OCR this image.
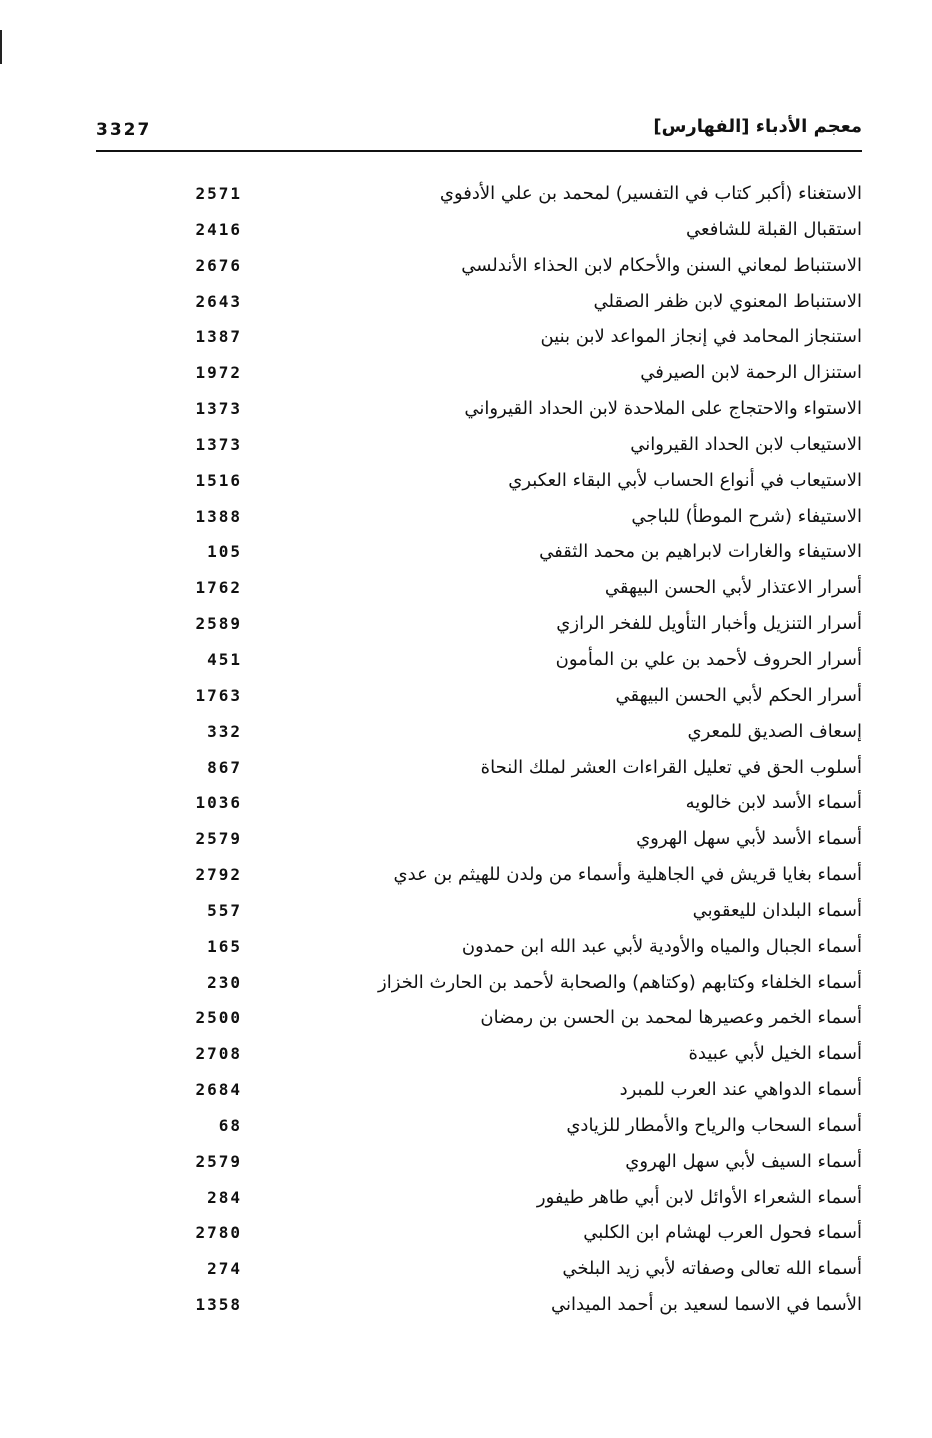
3327	معجم الأدباء [الفهارس]
الاستغناء (أكبر كتاب في التفسير) لمحمد بن علي الأدفوي
2571
استقبال القبلة للشافعي
2416
الاستنباط لمعاني السنن والأحكام لابن الحذاء الأندلسي
2676
الاستنباط المعنوي لابن ظفر الصقلي
2643
استنجاز المحامد في إنجاز المواعد لابن بنين
1387
استنزال الرحمة لابن الصيرفي
1972
الاستواء والاحتجاج على الملاحدة لابن الحداد القيرواني
1373
الاستيعاب لابن الحداد القيرواني
1373
الاستيعاب في أنواع الحساب لأبي البقاء العكبري
1516
الاستيفاء (شرح الموطأ) للباجي
1388
الاستيفاء والغارات لابراهيم بن محمد الثقفي
105
أسرار الاعتذار لأبي الحسن البيهقي
1762
أسرار التنزيل وأخبار التأويل للفخر الرازي
2589
أسرار الحروف لأحمد بن علي بن المأمون
451
أسرار الحكم لأبي الحسن البيهقي
1763
إسعاف الصديق للمعري
332
أسلوب الحق في تعليل القراءات العشر لملك النحاة
867
أسماء الأسد لابن خالويه
1036
أسماء الأسد لأبي سهل الهروي
2579
أسماء بغايا قريش في الجاهلية وأسماء من ولدن للهيثم بن عدي
2792
أسماء البلدان لليعقوبي
557
أسماء الجبال والمياه والأودية لأبي عبد الله ابن حمدون
165
أسماء الخلفاء وكتابهم (وكتاهم) والصحابة لأحمد بن الحارث الخزاز
230
أسماء الخمر وعصيرها لمحمد بن الحسن بن رمضان
2500
أسماء الخيل لأبي عبيدة
2708
أسماء الدواهي عند العرب للمبرد
2684
أسماء السحاب والرياح والأمطار للزيادي
68
أسماء السيف لأبي سهل الهروي
2579
أسماء الشعراء الأوائل لابن أبي طاهر طيفور
284
أسماء فحول العرب لهشام ابن الكلبي
2780
أسماء الله تعالى وصفاته لأبي زيد البلخي
274
الأسما في الاسما لسعيد بن أحمد الميداني
1358
